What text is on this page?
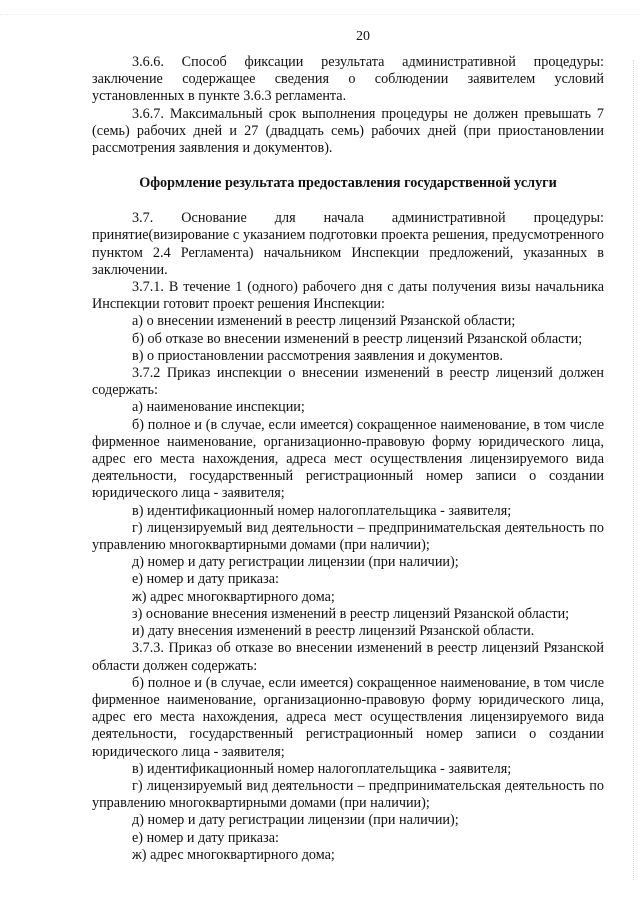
20

3.6.6. Способ фиксации результата административной процедуры: заключение содержащее сведения о соблюдении заявителем условий установленных в пункте 3.6.3 регламента.

3.6.7. Максимальный срок выполнения процедуры не должен превышать 7 (семь) рабочих дней и 27 (двадцать семь) рабочих дней (при приостановлении рассмотрения заявления и документов).

Оформление результата предоставления государственной услуги

3.7. Основание для начала административной процедуры: принятие(визирование с указанием подготовки проекта решения, предусмотренного пунктом 2.4 Регламента) начальником Инспекции предложений, указанных в заключении.

3.7.1. В течение 1 (одного) рабочего дня с даты получения визы начальника Инспекции готовит проект решения Инспекции:

а) о внесении изменений в реестр лицензий Рязанской области;

б) об отказе во внесении изменений в реестр лицензий Рязанской области;

в) о приостановлении рассмотрения заявления и документов.

3.7.2 Приказ инспекции о внесении изменений в реестр лицензий должен содержать:

а) наименование инспекции;

б) полное и (в случае, если имеется) сокращенное наименование, в том числе фирменное наименование, организационно-правовую форму юридического лица, адрес его места нахождения, адреса мест осуществления лицензируемого вида деятельности, государственный регистрационный номер записи о создании юридического лица - заявителя;

в) идентификационный номер налогоплательщика - заявителя;

г) лицензируемый вид деятельности – предпринимательская деятельность по управлению многоквартирными домами (при наличии);

д) номер и дату регистрации лицензии (при наличии);

е) номер и дату приказа:

ж) адрес многоквартирного дома;

з) основание внесения изменений в реестр лицензий Рязанской области;

и) дату внесения изменений в реестр лицензий Рязанской области.

3.7.3. Приказ об отказе во внесении изменений в реестр лицензий Рязанской области должен содержать:

б) полное и (в случае, если имеется) сокращенное наименование, в том числе фирменное наименование, организационно-правовую форму юридического лица, адрес его места нахождения, адреса мест осуществления лицензируемого вида деятельности, государственный регистрационный номер записи о создании юридического лица - заявителя;

в) идентификационный номер налогоплательщика - заявителя;

г) лицензируемый вид деятельности – предпринимательская деятельность по управлению многоквартирными домами (при наличии);

д) номер и дату регистрации лицензии (при наличии);

е) номер и дату приказа:

ж) адрес многоквартирного дома;
